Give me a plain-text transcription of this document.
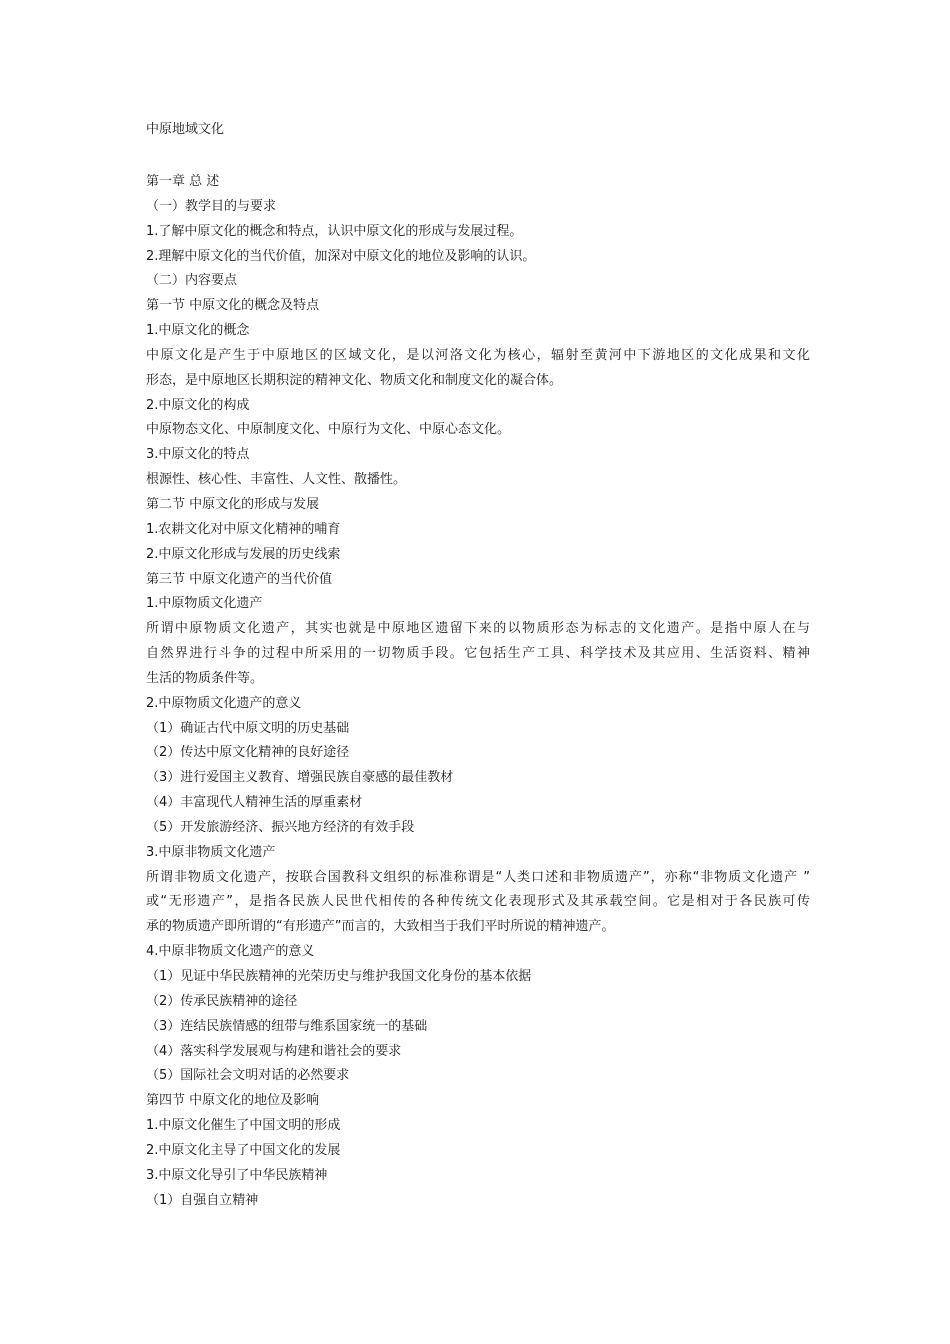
中原地域文化

第一章 总 述

（一）教学目的与要求

1.了解中原文化的概念和特点，认识中原文化的形成与发展过程。

2.理解中原文化的当代价值，加深对中原文化的地位及影响的认识。

（二）内容要点

第一节 中原文化的概念及特点

1.中原文化的概念

中原文化是产生于中原地区的区域文化，是以河洛文化为核心，辐射至黄河中下游地区的文化成果和文化

形态，是中原地区长期积淀的精神文化、物质文化和制度文化的凝合体。

2.中原文化的构成

中原物态文化、中原制度文化、中原行为文化、中原心态文化。

3.中原文化的特点

根源性、核心性、丰富性、人文性、散播性。

第二节 中原文化的形成与发展

1.农耕文化对中原文化精神的哺育

2.中原文化形成与发展的历史线索

第三节 中原文化遗产的当代价值

1.中原物质文化遗产

所谓中原物质文化遗产，其实也就是中原地区遗留下来的以物质形态为标志的文化遗产。是指中原人在与

自然界进行斗争的过程中所采用的一切物质手段。它包括生产工具、科学技术及其应用、生活资料、精神

生活的物质条件等。

2.中原物质文化遗产的意义

（1）确证古代中原文明的历史基础

（2）传达中原文化精神的良好途径

（3）进行爱国主义教育、增强民族自豪感的最佳教材

（4）丰富现代人精神生活的厚重素材

（5）开发旅游经济、振兴地方经济的有效手段

3.中原非物质文化遗产

所谓非物质文化遗产，按联合国教科文组织的标准称谓是“人类口述和非物质遗产”，亦称“非物质文化遗产 ”

或“无形遗产”，是指各民族人民世代相传的各种传统文化表现形式及其承载空间。它是相对于各民族可传

承的物质遗产即所谓的“有形遗产”而言的，大致相当于我们平时所说的精神遗产。

4.中原非物质文化遗产的意义

（1）见证中华民族精神的光荣历史与维护我国文化身份的基本依据

（2）传承民族精神的途径

（3）连结民族情感的纽带与维系国家统一的基础

（4）落实科学发展观与构建和谐社会的要求

（5）国际社会文明对话的必然要求

第四节 中原文化的地位及影响

1.中原文化催生了中国文明的形成

2.中原文化主导了中国文化的发展

3.中原文化导引了中华民族精神

（1）自强自立精神
